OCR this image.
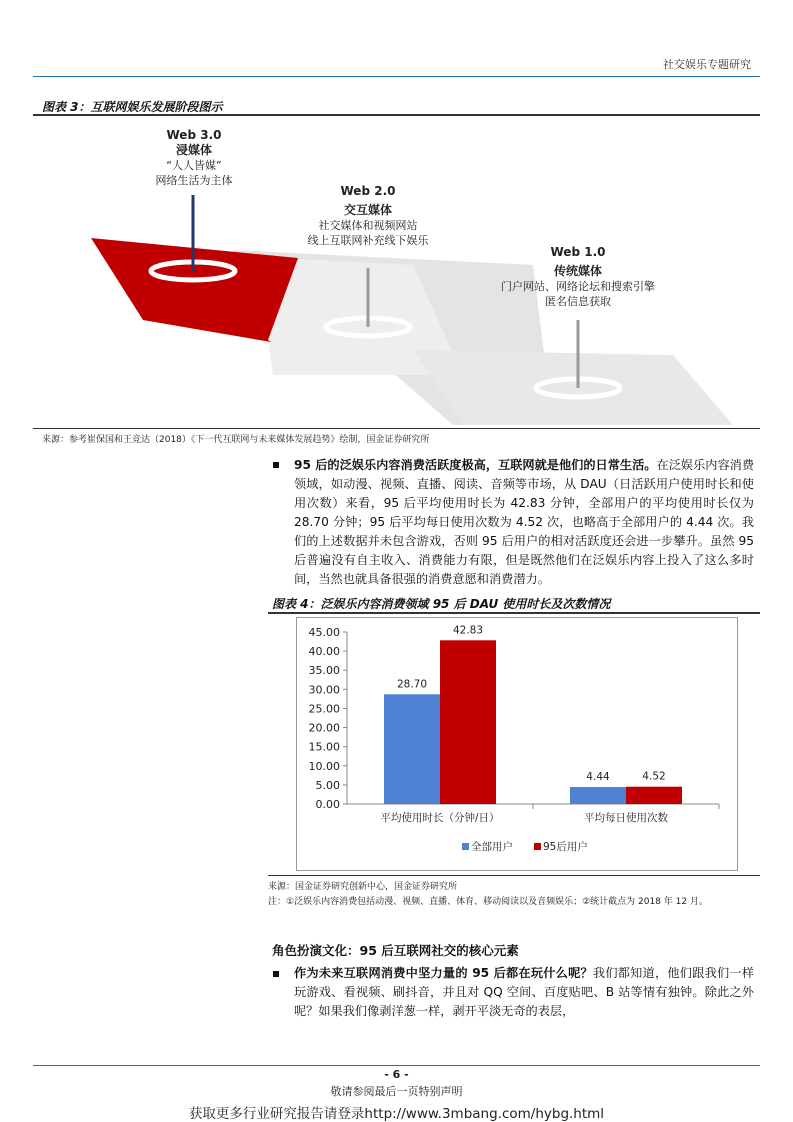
社交娱乐专题研究
图表 3：互联网娱乐发展阶段图示
Web 3.0
浸媒体
“人人皆媒”
网络生活为主体
Web 2.0
交互媒体
社交媒体和视频网站
线上互联网补充线下娱乐
Web 1.0
传统媒体
门户网站、网络论坛和搜索引擎
匿名信息获取
来源：参考崔保国和王竞达（2018）《下一代互联网与未来媒体发展趋势》绘制，国金证券研究所
95 后的泛娱乐内容消费活跃度极高，互联网就是他们的日常生活。在泛娱乐内容消费领域，如动漫、视频、直播、阅读、音频等市场，从 DAU（日活跃用户使用时长和使用次数）来看，95 后平均使用时长为 42.83 分钟，全部用户的平均使用时长仅为 28.70 分钟；95 后平均每日使用次数为 4.52 次，也略高于全部用户的 4.44 次。我们的上述数据并未包含游戏，否则 95 后用户的相对活跃度还会进一步攀升。虽然 95 后普遍没有自主收入、消费能力有限，但是既然他们在泛娱乐内容上投入了这么多时间，当然也就具备很强的消费意愿和消费潜力。
图表 4：泛娱乐内容消费领域 95 后 DAU 使用时长及次数情况
0.00
5.00
10.00
15.00
20.00
25.00
30.00
35.00
40.00
45.00
平均使用时长（分钟/日）
28.70
42.83
平均每日使用次数
4.44	4.52
全部用户	95后用户
来源：国金证券研究创新中心，国金证券研究所
注：①泛娱乐内容消费包括动漫、视频、直播、体育、移动阅读以及音频娱乐；②统计截点为 2018 年 12 月。
角色扮演文化：95 后互联网社交的核心元素
作为未来互联网消费中坚力量的 95 后都在玩什么呢？我们都知道，他们跟我们一样玩游戏、看视频、刷抖音，并且对 QQ 空间、百度贴吧、B 站等情有独钟。除此之外呢？如果我们像剥洋葱一样，剥开平淡无奇的表层，
- 6 -
敬请参阅最后一页特别声明
获取更多行业研究报告请登录http://www.3mbang.com/hybg.html
